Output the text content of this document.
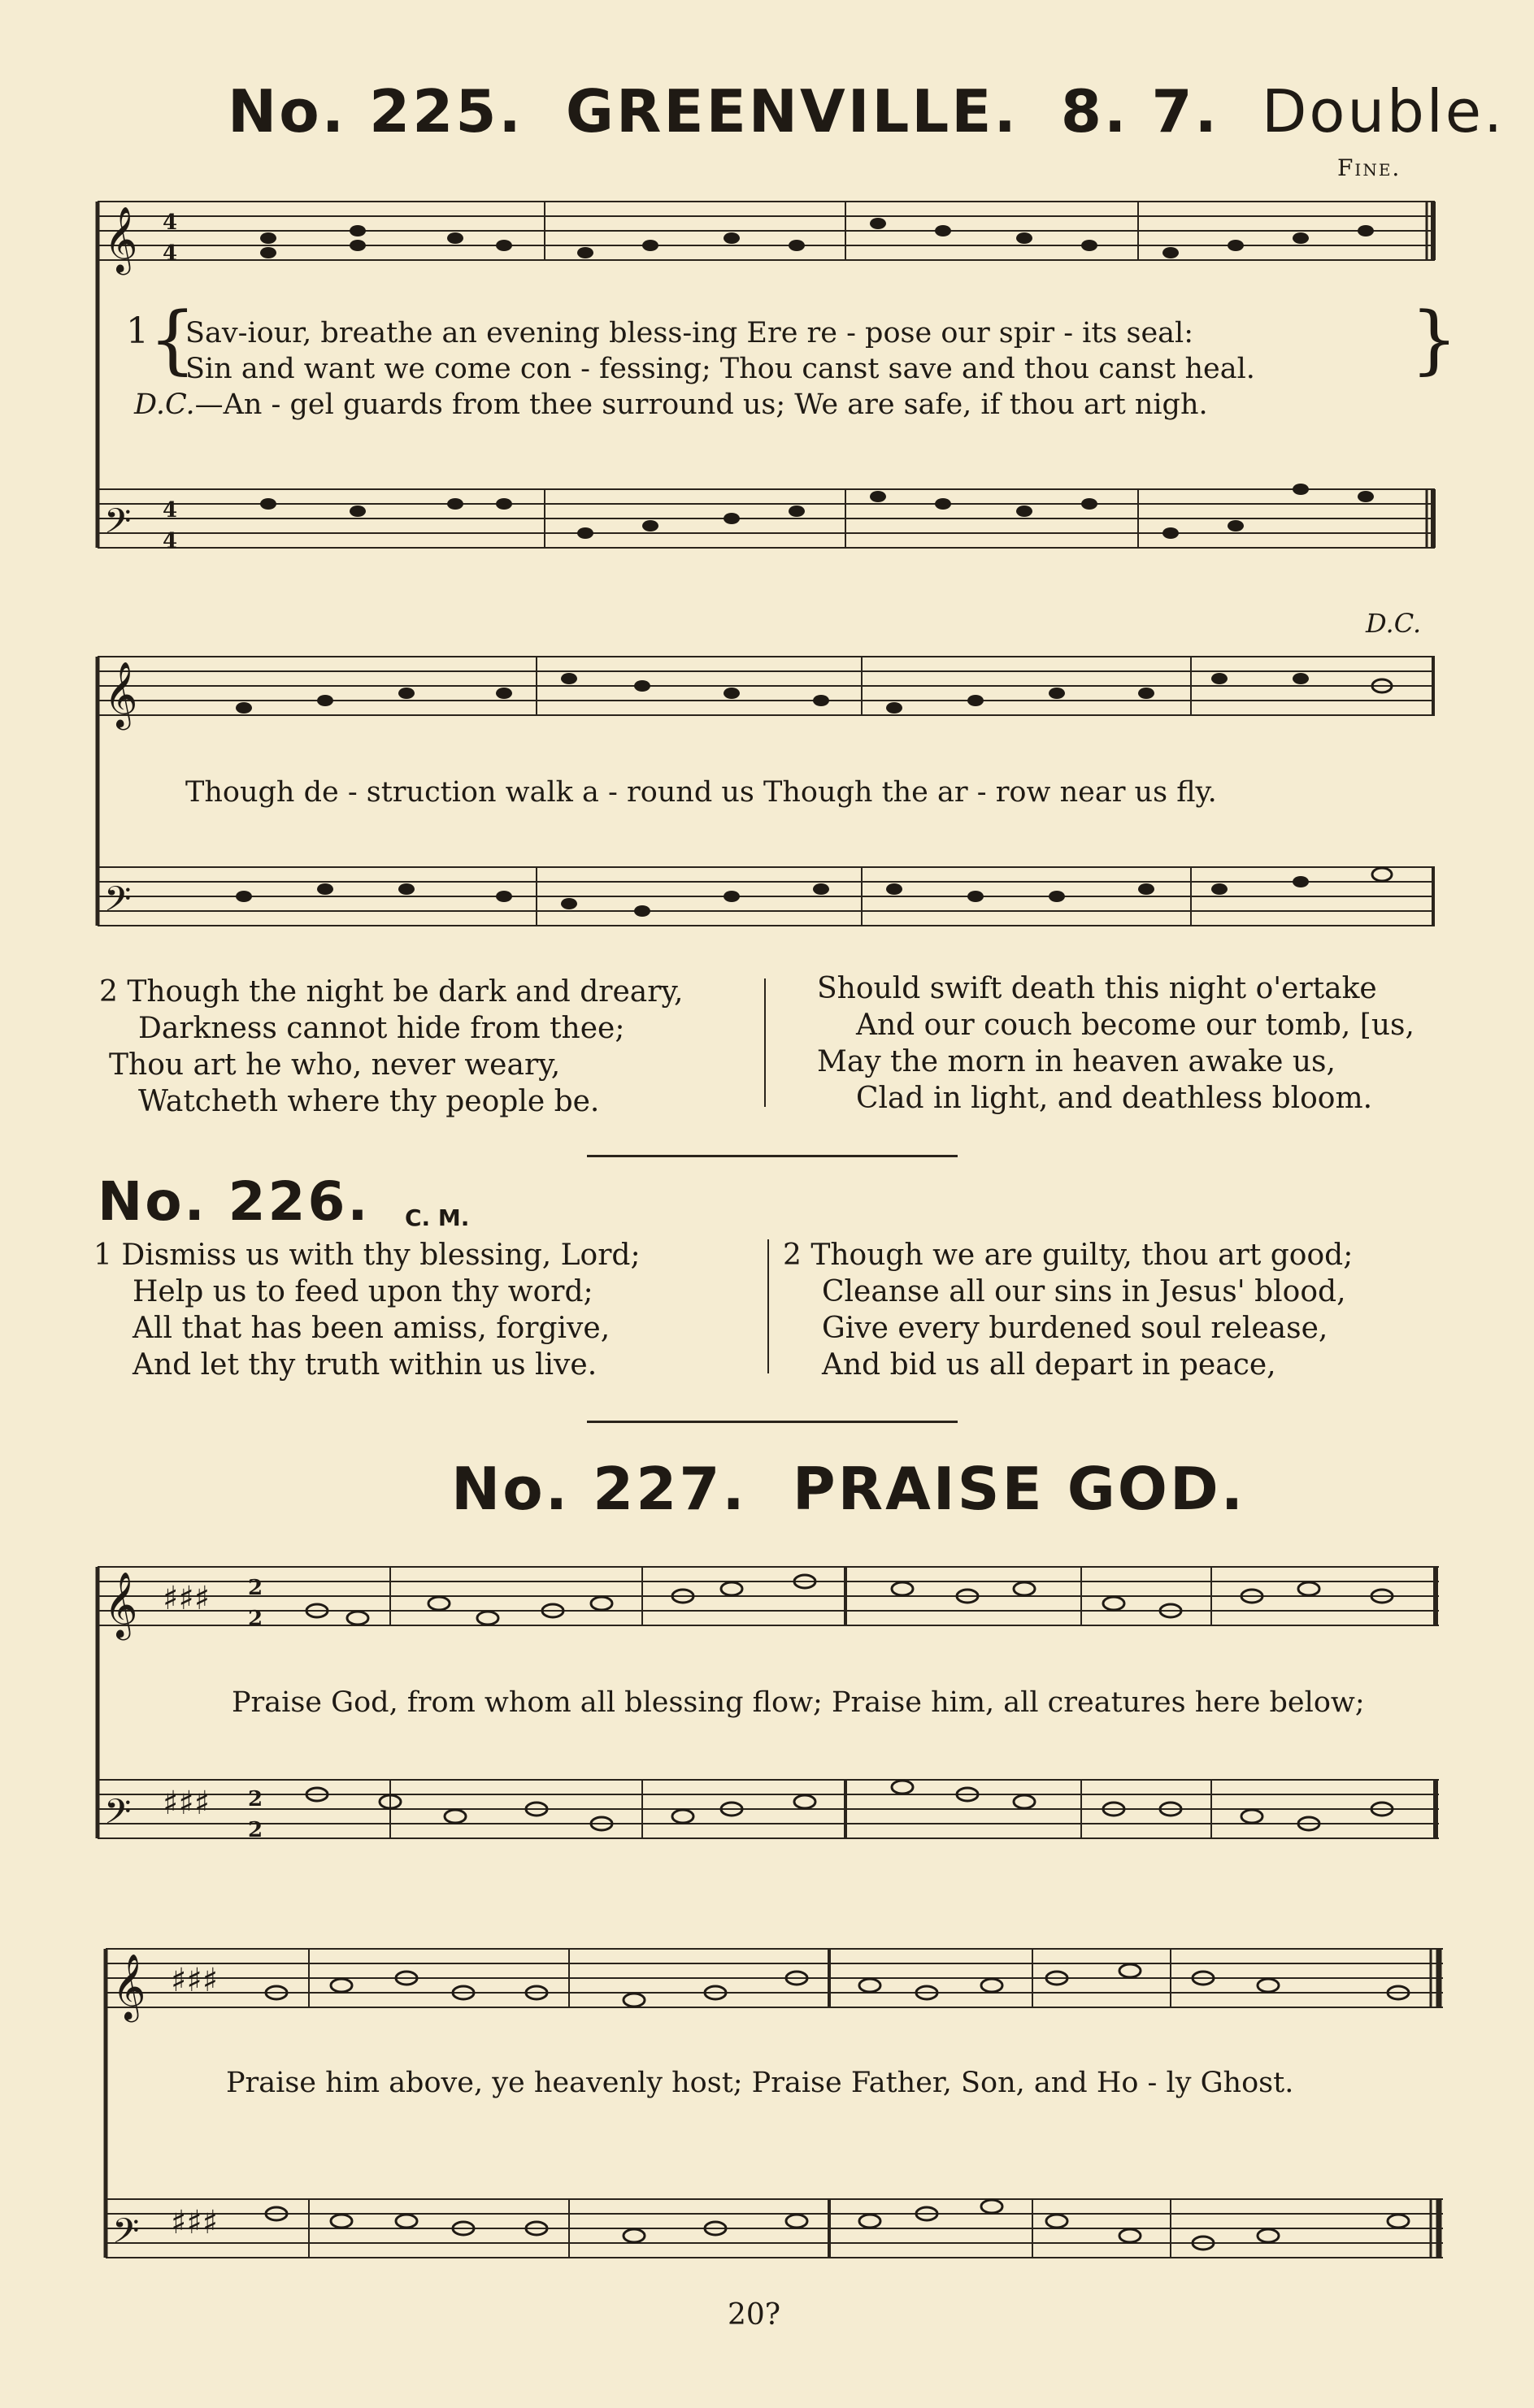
No. 225. GREENVILLE. 8. 7. Double.
Fine.
𝄞 4
4
𝄢 4
4
𝄞
𝄢
𝄞 ♯♯♯ 2
2
𝄢 ♯♯♯ 2
2
𝄞 ♯♯♯
𝄢 ♯♯♯
1 {
Sav-iour, breathe an evening bless-ing Ere re - pose our spir - its seal:	}
Sin and want we come con - fessing; Thou canst save and thou canst heal.
D.C.—An - gel guards from thee surround us; We are safe, if thou art nigh.
D.C.
Though de - struction walk a - round us Though the ar - row near us fly.
2 Though the night be dark and dreary,
Darkness cannot hide from thee;
Thou art he who, never weary,
Watcheth where thy people be.
Should swift death this night o'ertake
And our couch become our tomb, [us,
May the morn in heaven awake us,
Clad in light, and deathless bloom.
No. 226. C. M.
1 Dismiss us with thy blessing, Lord;
Help us to feed upon thy word;
All that has been amiss, forgive,
And let thy truth within us live.
2 Though we are guilty, thou art good;
Cleanse all our sins in Jesus' blood,
Give every burdened soul release,
And bid us all depart in peace,
No. 227. PRAISE GOD.
Praise God, from whom all blessing flow; Praise him, all creatures here below;
Praise him above, ye heavenly host; Praise Father, Son, and Ho - ly Ghost.
20?
